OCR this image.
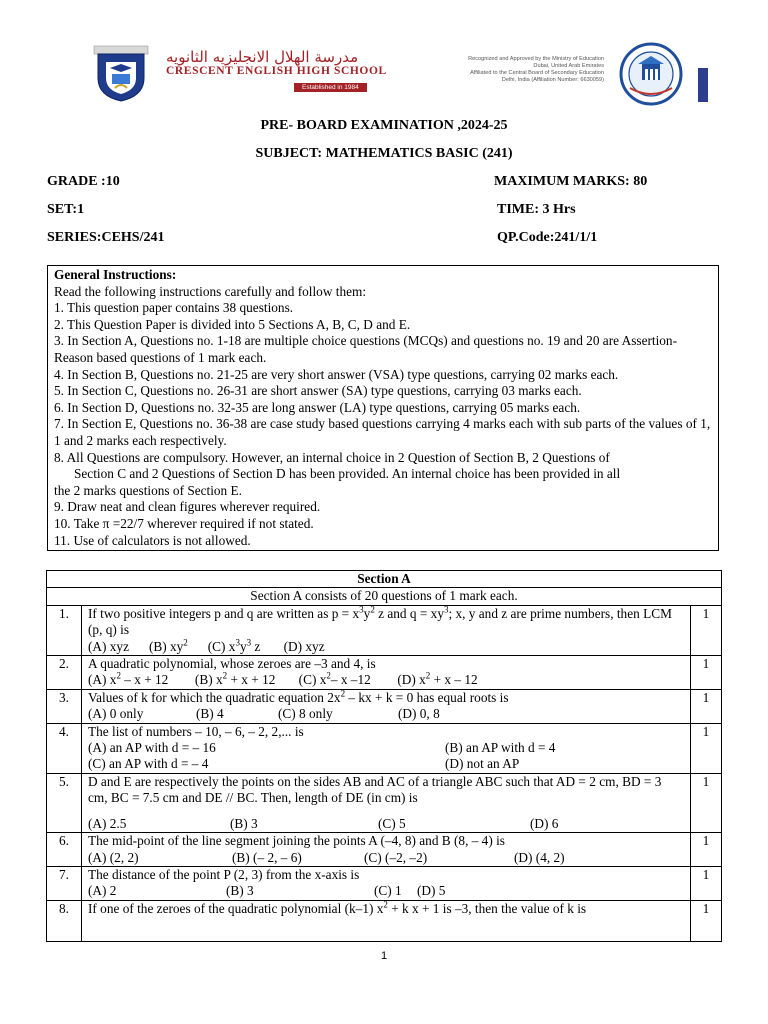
مدرسة الهلال الانجليزيه الثانويه
CRESCENT ENGLISH HIGH SCHOOL
Established in 1984
Recognized and Approved by the Ministry of Education
Dubai, United Arab Emirates
Affiliated to the Central Board of Secondary Education
Delhi, India (Affiliation Number: 6630059)
PRE- BOARD EXAMINATION ,2024-25
SUBJECT: MATHEMATICS BASIC (241)
GRADE :10	MAXIMUM MARKS: 80
SET:1	TIME: 3 Hrs
SERIES:CEHS/241	QP.Code:241/1/1
General Instructions:
Read the following instructions carefully and follow them:
1. This question paper contains 38 questions.
2. This Question Paper is divided into 5 Sections A, B, C, D and E.
3. In Section A, Questions no. 1-18 are multiple choice questions (MCQs) and questions no. 19 and 20 are Assertion- Reason based questions of 1 mark each.
4. In Section B, Questions no. 21-25 are very short answer (VSA) type questions, carrying 02 marks each.
5. In Section C, Questions no. 26-31 are short answer (SA) type questions, carrying 03 marks each.
6. In Section D, Questions no. 32-35 are long answer (LA) type questions, carrying 05 marks each.
7. In Section E, Questions no. 36-38 are case study based questions carrying 4 marks each with sub parts of the values of 1, 1 and 2 marks each respectively.
8. All Questions are compulsory. However, an internal choice in 2 Question of Section B, 2 Questions of
Section C and 2 Questions of Section D has been provided. An internal choice has been provided in all
the 2 marks questions of Section E.
9. Draw neat and clean figures wherever required.
10. Take π =22/7 wherever required if not stated.
11. Use of calculators is not allowed.
Section A		
Section A consists of 20 questions of 1 mark each.		
1.	If two positive integers p and q are written as $p = x^3y^2$ z and $q = xy^3$; x, y and z are prime numbers, then LCM (p, q) is
(A) xyz (B) $xy^2$ (C) $x^3y^3$ z (D) xyz	1
2.	A quadratic polynomial, whose zeroes are –3 and 4, is
(A) $x^2 - x + 12$ (B) $x^2 + x + 12$ (C) $x^2-$ x –12 (D) $x^2 + x - 12$	1
3.	Values of k for which the quadratic equation $2x^2$ – kx + k = 0 has equal roots is
(A) 0 only (B) 4 (C) 8 only (D) 0, 8	1
4.	The list of numbers – 10, – 6, – 2, 2,... is
(A) an AP with d = – 16 (B) an AP with d = 4
(C) an AP with d = – 4 (D) not an AP	1
5.	D and E are respectively the points on the sides AB and AC of a triangle ABC such that AD = 2 cm, BD = 3 cm, BC = 7.5 cm and DE // BC. Then, length of DE (in cm) is
(A) 2.5 (B) 3 (C) 5 (D) 6	1
6.	The mid-point of the line segment joining the points A (–4, 8) and B (8, – 4) is
(A) (2, 2) (B) (– 2, – 6) (C) (–2, –2) (D) (4, 2)	1
7.	The distance of the point P (2, 3) from the x-axis is
(A) 2 (B) 3 (C) 1 (D) 5	1
8.	If one of the zeroes of the quadratic polynomial (k–1) $x^2 + k$ x + 1 is –3, then the value of k is	1
1
